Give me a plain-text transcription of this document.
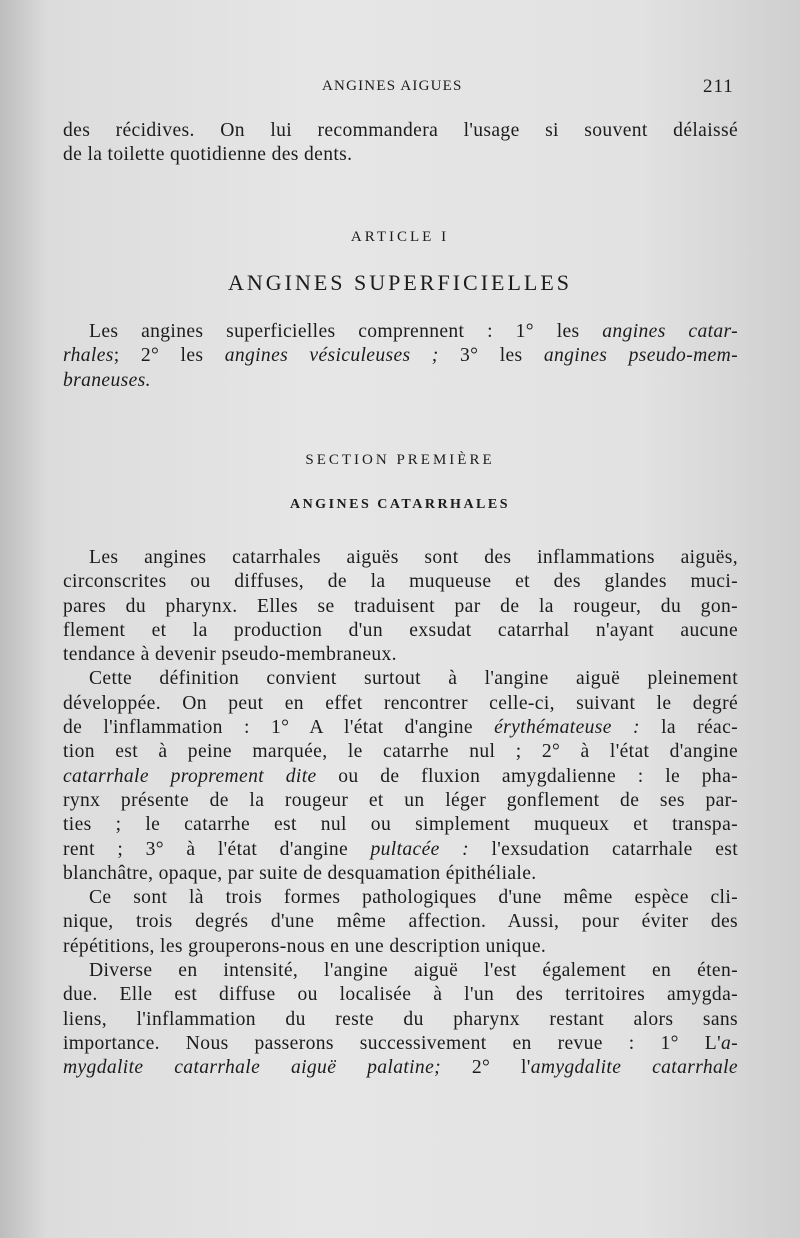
ANGINES AIGUES	211
des récidives. On lui recommandera l'usage si souvent délaissé
de la toilette quotidienne des dents.
ARTICLE I
ANGINES SUPERFICIELLES
Les angines superficielles comprennent : 1° les angines catar-
rhales; 2° les angines vésiculeuses ; 3° les angines pseudo-mem-
braneuses.
SECTION PREMIÈRE
ANGINES CATARRHALES
Les angines catarrhales aiguës sont des inflammations aiguës,
circonscrites ou diffuses, de la muqueuse et des glandes muci-
pares du pharynx. Elles se traduisent par de la rougeur, du gon-
flement et la production d'un exsudat catarrhal n'ayant aucune
tendance à devenir pseudo-membraneux.
Cette définition convient surtout à l'angine aiguë pleinement
développée. On peut en effet rencontrer celle-ci, suivant le degré
de l'inflammation : 1° A l'état d'angine érythémateuse : la réac-
tion est à peine marquée, le catarrhe nul ; 2° à l'état d'angine
catarrhale proprement dite ou de fluxion amygdalienne : le pha-
rynx présente de la rougeur et un léger gonflement de ses par-
ties ; le catarrhe est nul ou simplement muqueux et transpa-
rent ; 3° à l'état d'angine pultacée : l'exsudation catarrhale est
blanchâtre, opaque, par suite de desquamation épithéliale.
Ce sont là trois formes pathologiques d'une même espèce cli-
nique, trois degrés d'une même affection. Aussi, pour éviter des
répétitions, les grouperons-nous en une description unique.
Diverse en intensité, l'angine aiguë l'est également en éten-
due. Elle est diffuse ou localisée à l'un des territoires amygda-
liens, l'inflammation du reste du pharynx restant alors sans
importance. Nous passerons successivement en revue : 1° L'a-
mygdalite catarrhale aiguë palatine; 2° l'amygdalite catarrhale
